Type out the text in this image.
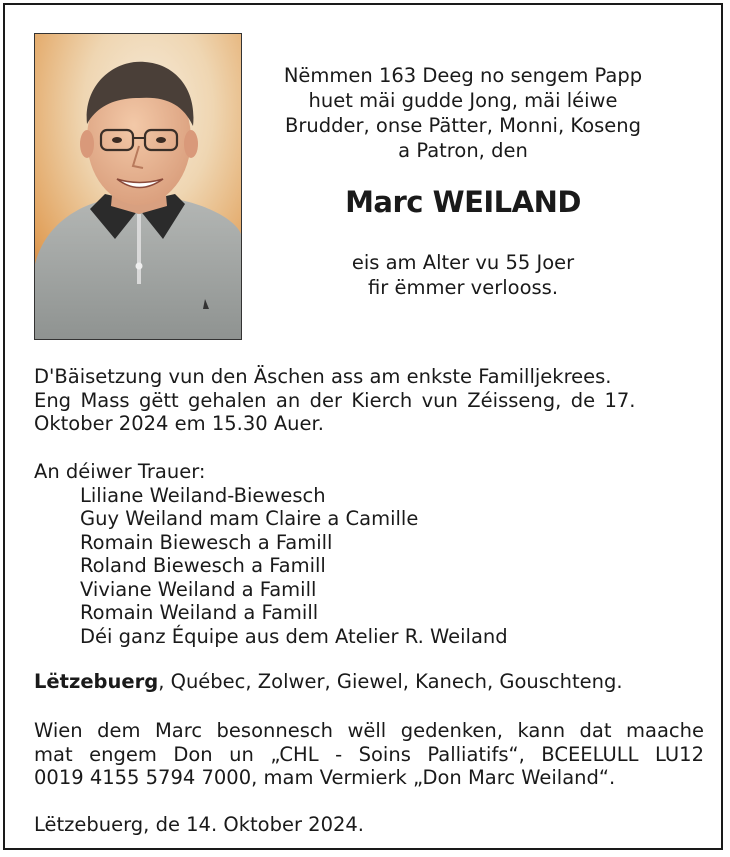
Nëmmen 163 Deeg no sengem Papp
huet mäi gudde Jong, mäi léiwe
Brudder, onse Pätter, Monni, Koseng
a Patron, den
Marc WEILAND
eis am Alter vu 55 Joer
fir ëmmer verlooss.
D'Bäisetzung vun den Äschen ass am enkste Familljekrees.
Eng Mass gëtt gehalen an der Kierch vun Zéisseng, de 17.
Oktober 2024 em 15.30 Auer.
An déiwer Trauer:
Liliane Weiland-Biewesch
Guy Weiland mam Claire a Camille
Romain Biewesch a Famill
Roland Biewesch a Famill
Viviane Weiland a Famill
Romain Weiland a Famill
Déi ganz Équipe aus dem Atelier R. Weiland
Lëtzebuerg, Québec, Zolwer, Giewel, Kanech, Gouschteng.
Wien dem Marc besonnesch wëll gedenken, kann dat maache
mat engem Don un „CHL - Soins Palliatifs“, BCEELULL LU12
0019 4155 5794 7000, mam Vermierk „Don Marc Weiland“.
Lëtzebuerg, de 14. Oktober 2024.
